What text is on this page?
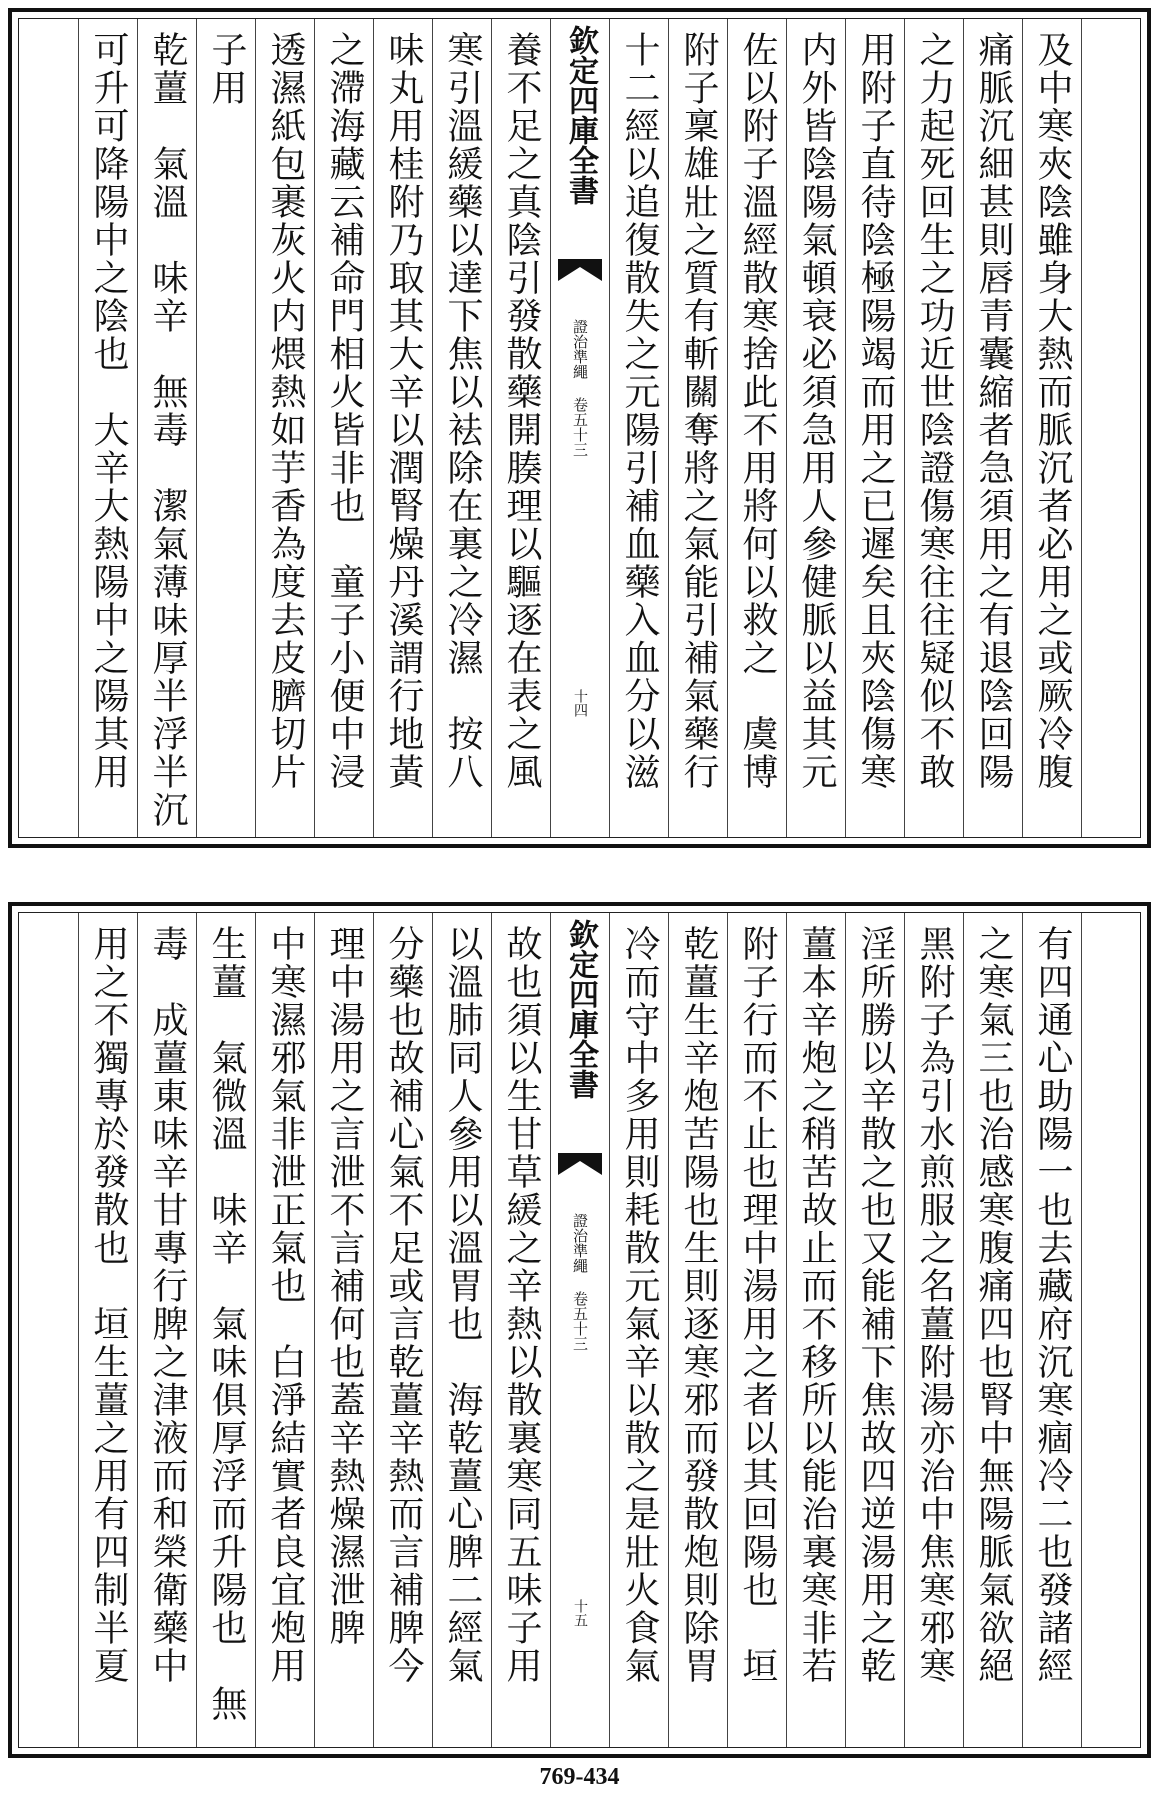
可升可降陽中之陰也　大辛大熱陽中之陽其用 乾薑　氣溫　味辛　無毒　潔氣薄味厚半浮半沉 子用 透濕紙包裹灰火内煨熱如芋香為度去皮臍切片 之滯海藏云補命門相火皆非也　童子小便中浸 味丸用桂附乃取其大辛以潤腎燥丹溪謂行地黃 寒引溫緩藥以達下焦以袪除在裏之冷濕　按八 養不足之真陰引發散藥開腠理以驅逐在表之風 欽定四庫全書
證治準繩 卷五十三
十四 十二經以追復散失之元陽引補血藥入血分以滋 附子稟雄壯之質有斬關奪將之氣能引補氣藥行 佐以附子溫經散寒捨此不用將何以救之　虞博 内外皆陰陽氣頓衰必須急用人參健脈以益其元 用附子直待陰極陽竭而用之已遲矣且夾陰傷寒 之力起死回生之功近世陰證傷寒往往疑似不敢 痛脈沉細甚則唇青囊縮者急須用之有退陰回陽 及中寒夾陰雖身大熱而脈沉者必用之或厥冷腹
用之不獨專於發散也　垣生薑之用有四制半夏 毒　成薑東味辛甘專行脾之津液而和榮衛藥中 生薑　氣微溫　味辛　氣味俱厚浮而升陽也　無 中寒濕邪氣非泄正氣也　白淨結實者良宜炮用 理中湯用之言泄不言補何也蓋辛熱燥濕泄脾 分藥也故補心氣不足或言乾薑辛熱而言補脾今 以溫肺同人參用以溫胃也　海乾薑心脾二經氣 故也須以生甘草緩之辛熱以散裏寒同五味子用 欽定四庫全書
證治準繩 卷五十三
十五 冷而守中多用則耗散元氣辛以散之是壯火食氣 乾薑生辛炮苦陽也生則逐寒邪而發散炮則除胃 附子行而不止也理中湯用之者以其回陽也　垣 薑本辛炮之稍苦故止而不移所以能治裏寒非若 淫所勝以辛散之也又能補下焦故四逆湯用之乾 黑附子為引水煎服之名薑附湯亦治中焦寒邪寒 之寒氣三也治感寒腹痛四也腎中無陽脈氣欲絕 有四通心助陽一也去藏府沉寒痼冷二也發諸經
769-434
